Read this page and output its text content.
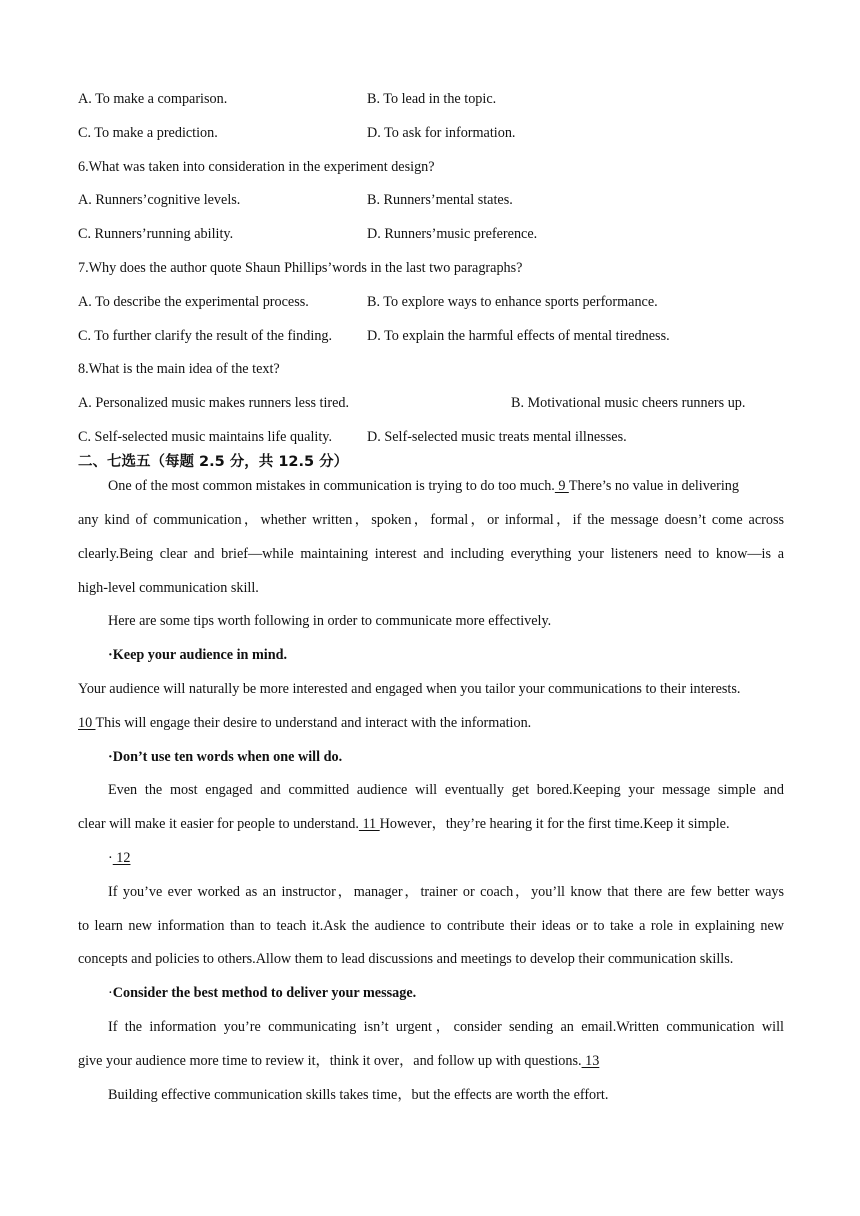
A. To make a comparison.	B. To lead in the topic.
C. To make a prediction.	D. To ask for information.
6.What was taken into consideration in the experiment design?
A. Runners’cognitive levels.	B. Runners’mental states.
C. Runners’running ability.	D. Runners’music preference.
7.Why does the author quote Shaun Phillips’words in the last two paragraphs?
A. To describe the experimental process.	B. To explore ways to enhance sports performance.
C. To further clarify the result of the finding.	D. To explain the harmful effects of mental tiredness.
8.What is the main idea of the text?
A. Personalized music makes runners less tired.	B. Motivational music cheers runners up.
C. Self-selected music maintains life quality.	D. Self-selected music treats mental illnesses.
二、七选五（每题 2.5 分，共 12.5 分）
One of the most common mistakes in communication is trying to do too much. 9 There’s no value in delivering
any kind of communication，whether written，spoken，formal，or informal，if the message doesn’t come across
clearly.Being clear and brief—while maintaining interest and including everything your listeners need to know—is a
high-level communication skill.
Here are some tips worth following in order to communicate more effectively.
·Keep your audience in mind.
Your audience will naturally be more interested and engaged when you tailor your communications to their interests.
10 This will engage their desire to understand and interact with the information.
·Don’t use ten words when one will do.
Even the most engaged and committed audience will eventually get bored.Keeping your message simple and
clear will make it easier for people to understand. 11 However，they’re hearing it for the first time.Keep it simple.
· 12
If you’ve ever worked as an instructor，manager，trainer or coach，you’ll know that there are few better ways
to learn new information than to teach it.Ask the audience to contribute their ideas or to take a role in explaining new
concepts and policies to others.Allow them to lead discussions and meetings to develop their communication skills.
·Consider the best method to deliver your message.
If the information you’re communicating isn’t urgent，consider sending an email.Written communication will
give your audience more time to review it，think it over，and follow up with questions. 13
Building effective communication skills takes time，but the effects are worth the effort.
